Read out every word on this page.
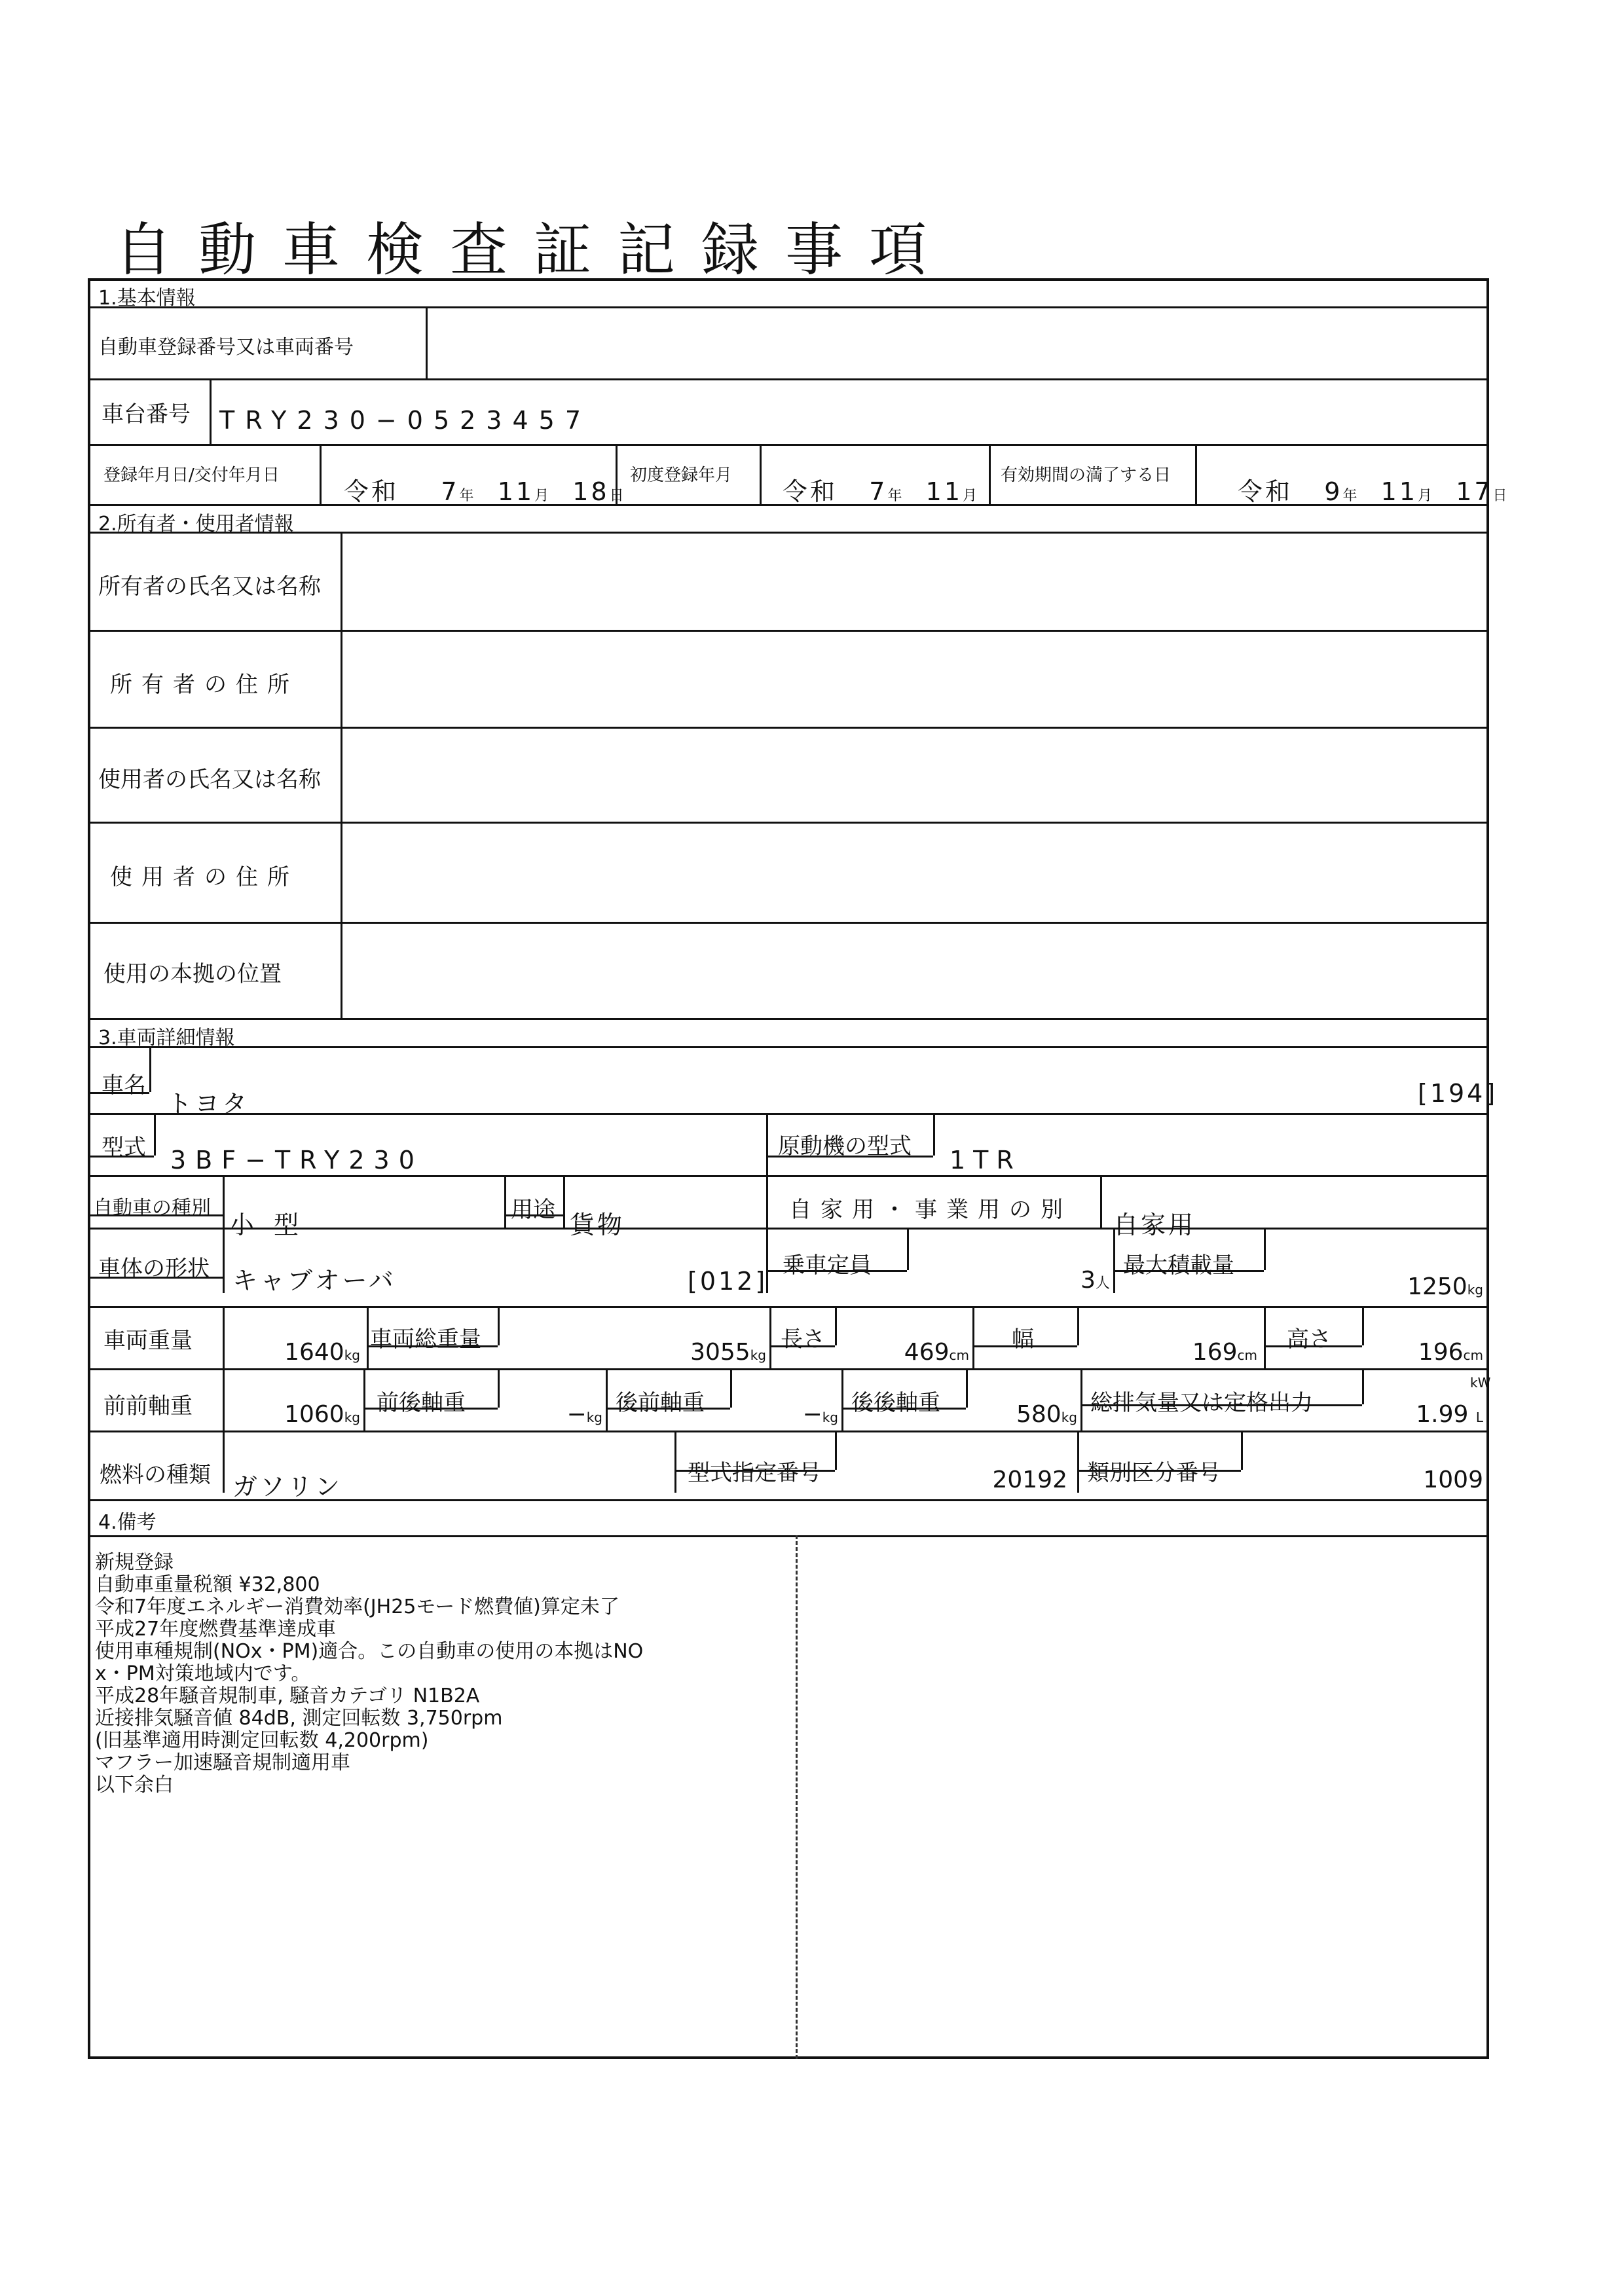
自動車検査証記録事項
1.基本情報
自動車登録番号又は車両番号
車台番号 TRY230−0523457
登録年月日/交付年月日
令和 7年 11月 18日
初度登録年月
令和 7年 11月
有効期間の満了する日
令和 9年 11月 17日
2.所有者・使用者情報
所有者の氏名又は名称
所有者の住所
使用者の氏名又は名称
使用者の住所
使用の本拠の位置
3.車両詳細情報
車名
トヨタ	[194]
型式 3BF−TRY230	原動機の型式 1TR
自動車の種別
小型
用途
貨物
自家用・事業用の別
自家用
車体の形状 キャブオーバ	[012]
乗車定員
3人
最大積載量
1250kg
車両重量	1640kg
車両総重量	3055kg
長さ	469cm
幅	169cm
高さ	196cm
前前軸重	1060kg
前後軸重	−kg
後前軸重	−kg
後後軸重	580kg
総排気量又は定格出力
kW
1.99 L
燃料の種類 ガソリン	型式指定番号	20192 類別区分番号	1009
4.備考
新規登録
自動車重量税額 ¥32,800
令和7年度エネルギー消費効率(JH25モード燃費値)算定未了
平成27年度燃費基準達成車
使用車種規制(NOx・PM)適合。この自動車の使用の本拠はNO
x・PM対策地域内です。
平成28年騒音規制車, 騒音カテゴリ N1B2A
近接排気騒音値 84dB, 測定回転数 3,750rpm
(旧基準適用時測定回転数 4,200rpm)
マフラー加速騒音規制適用車
以下余白
